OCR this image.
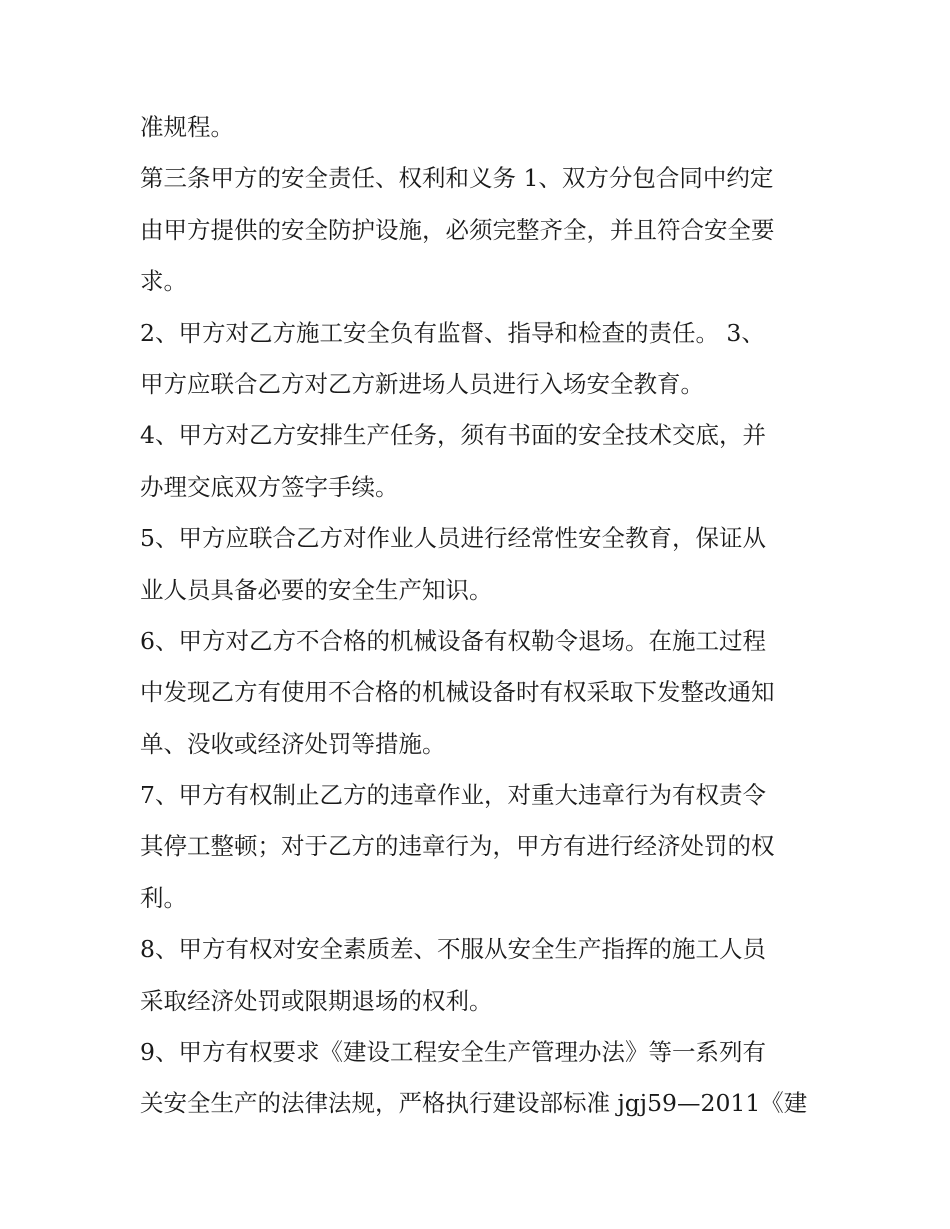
准规程。
第三条甲方的安全责任、权利和义务 1、双方分包合同中约定
由甲方提供的安全防护设施，必须完整齐全，并且符合安全要
求。
2、甲方对乙方施工安全负有监督、指导和检查的责任。 3、
甲方应联合乙方对乙方新进场人员进行入场安全教育。
4、甲方对乙方安排生产任务，须有书面的安全技术交底，并
办理交底双方签字手续。
5、甲方应联合乙方对作业人员进行经常性安全教育，保证从
业人员具备必要的安全生产知识。
6、甲方对乙方不合格的机械设备有权勒令退场。在施工过程
中发现乙方有使用不合格的机械设备时有权采取下发整改通知
单、没收或经济处罚等措施。
7、甲方有权制止乙方的违章作业，对重大违章行为有权责令
其停工整顿；对于乙方的违章行为，甲方有进行经济处罚的权
利。
8、甲方有权对安全素质差、不服从安全生产指挥的施工人员
采取经济处罚或限期退场的权利。
9、甲方有权要求《建设工程安全生产管理办法》等一系列有
关安全生产的法律法规，严格执行建设部标准 jgj59—2011《建
